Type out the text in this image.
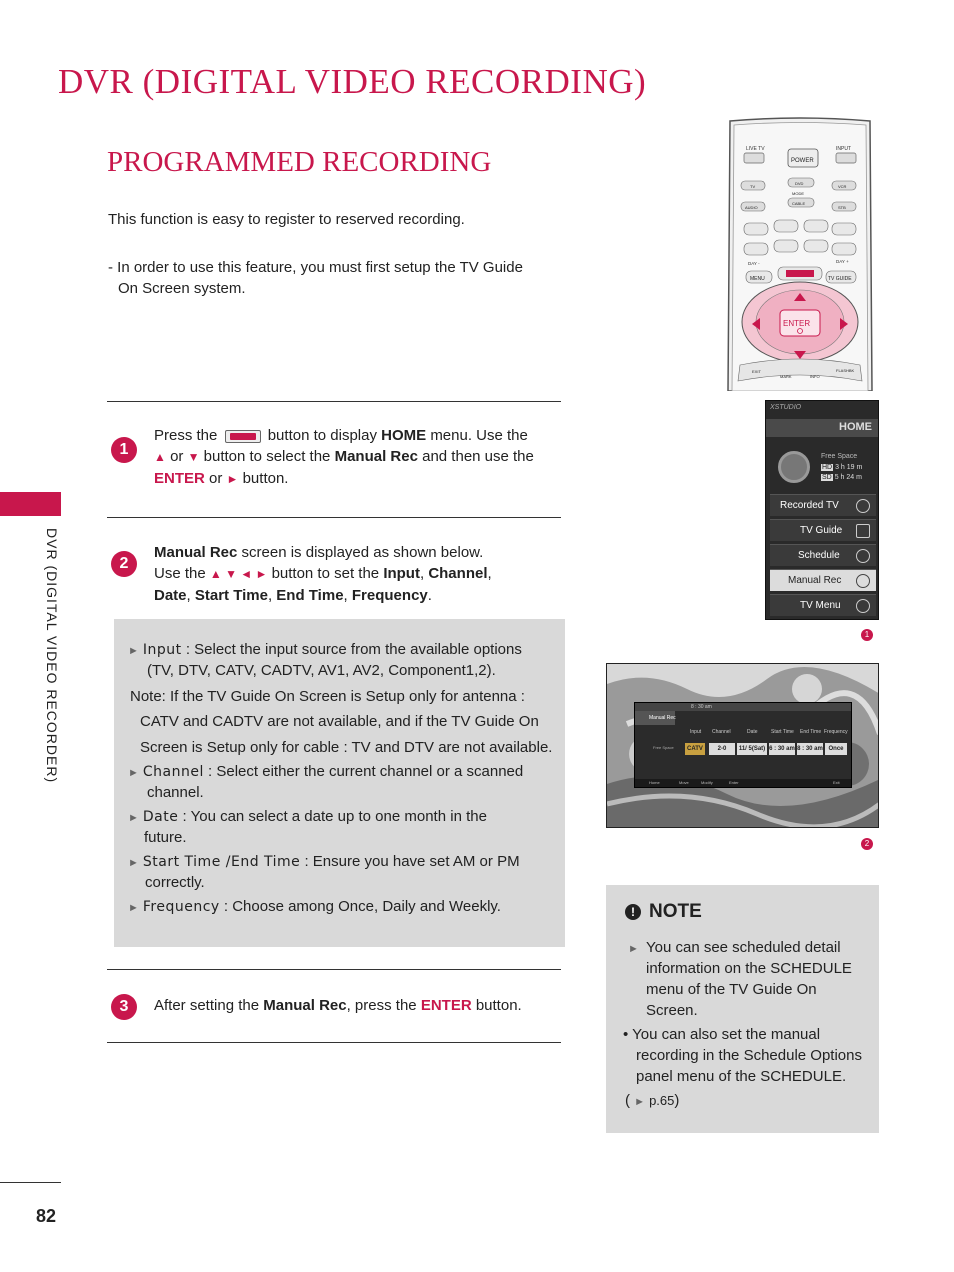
DVR (DIGITAL VIDEO RECORDING)
PROGRAMMED RECORDING
This function is easy to register to reserved recording.
- In order to use this feature, you must first setup the TV Guide
On Screen system.
1
Press the	button to display HOME menu. Use the
▲ or ▼ button to select the Manual Rec and then use the
ENTER or ► button.
2
Manual Rec screen is displayed as shown below.
Use the ▲ ▼ ◄ ► button to set the Input, Channel,
Date, Start Time, End Time, Frequency.
► Input : Select the input source from the available options
(TV, DTV, CATV, CADTV, AV1, AV2, Component1,2).
Note: If the TV Guide On Screen is Setup only for antenna :
CATV and CADTV are not available, and if the TV Guide On
Screen is Setup only for cable : TV and DTV are not available.
► Channel : Select either the current channel or a scanned
channel.
► Date : You can select a date up to one month in the
future.
► Start Time /End Time : Ensure you have set AM or PM
correctly.
► Frequency : Choose among Once, Daily and Weekly.
3	After setting the Manual Rec, press the ENTER button.
DVR (DIGITAL VIDEO RECORDER)
82
LIVE TV	INPUT
POWER
TV
DVD
VCR
MODE
AUDIO
CABLE
STB
DAY -	DAY +
MENU	TV GUIDE
ENTER
EXIT
MARK	INFO
FLASHBK
XSTUDIO
HOME
Free Space
HD 3 h 19 m
SD 5 h 24 m
Recorded TV
TV Guide
Schedule
Manual Rec
TV Menu
1
8 : 30 am
Manual Rec
Input Channel	Date	Start Time End Time Frequency
Free Space	CATV	2-0	11/ 5(Sat) 6 : 30 am 8 : 30 am Once
Home	Move	Modify	Enter	Exit
2
! NOTE
► You can see scheduled detail
information on the SCHEDULE
menu of the TV Guide On
Screen.
• You can also set the manual
recording in the Schedule Options
panel menu of the SCHEDULE.
( ► p.65)
